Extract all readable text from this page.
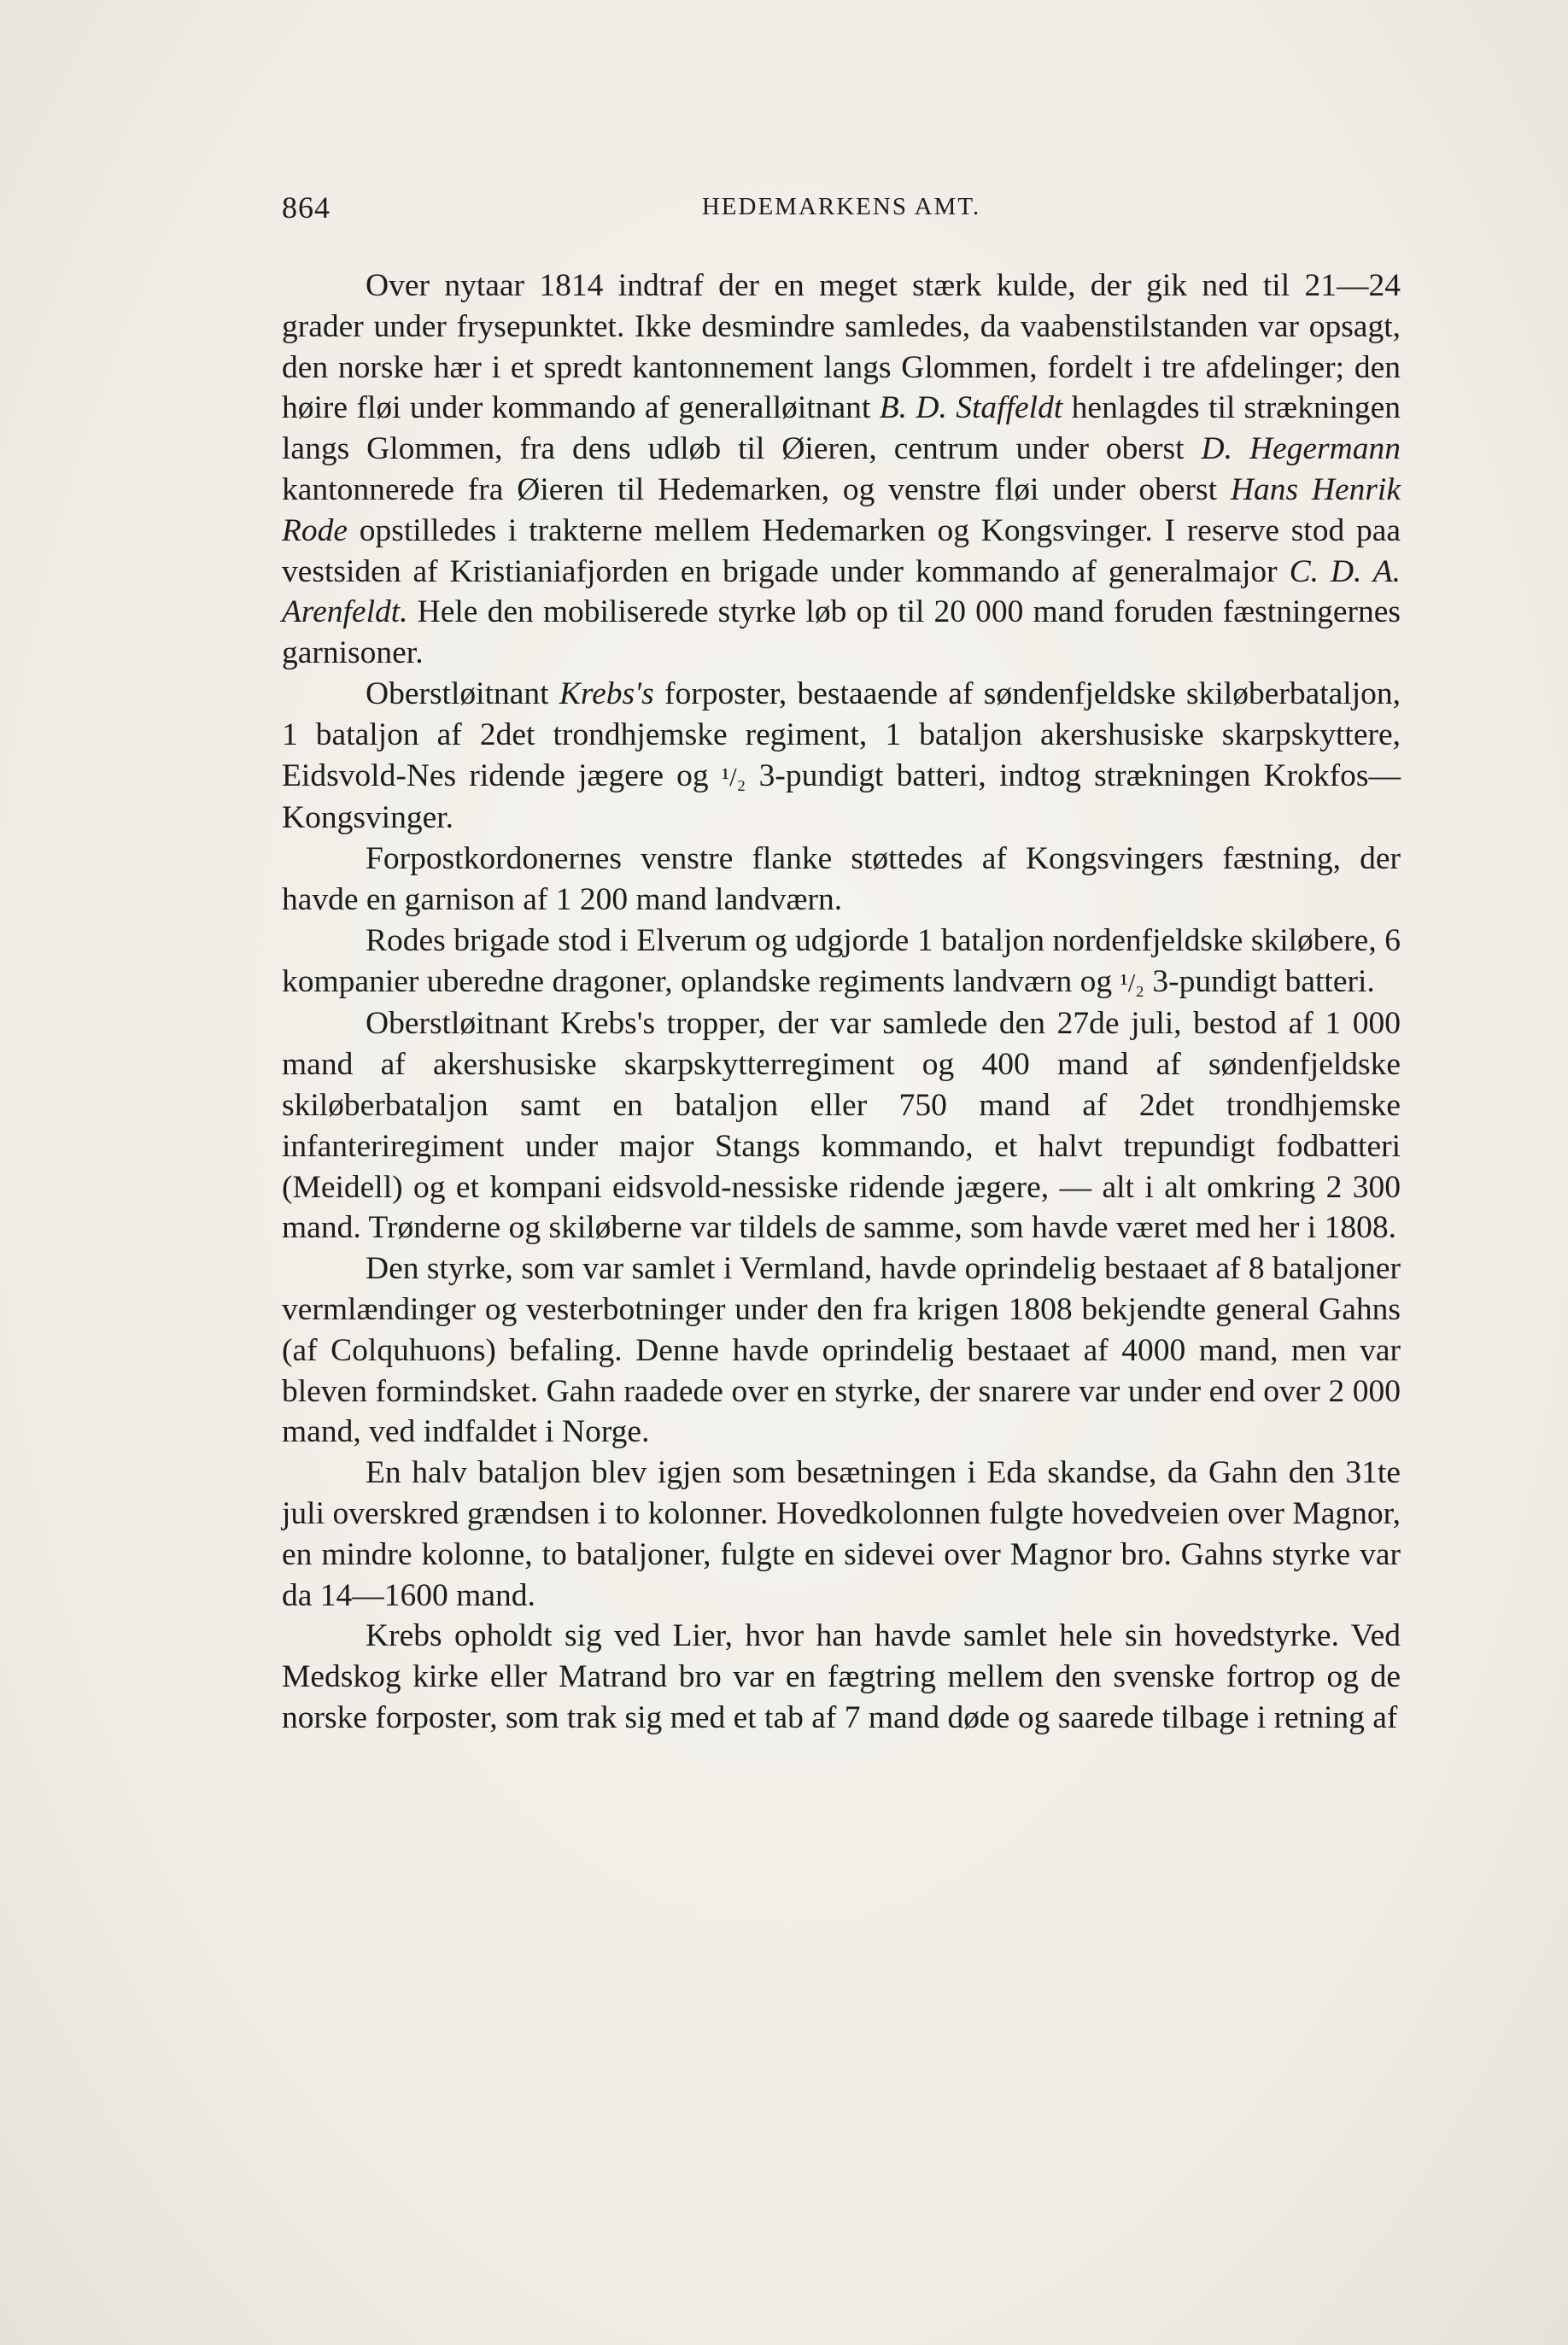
864	HEDEMARKENS AMT.

Over nytaar 1814 indtraf der en meget stærk kulde, der gik ned til 21—24 grader under frysepunktet. Ikke desmindre samledes, da vaabenstilstanden var opsagt, den norske hær i et spredt kantonnement langs Glommen, fordelt i tre afdelinger; den høire fløi under kommando af generalløitnant B. D. Staffeldt henlagdes til strækningen langs Glommen, fra dens udløb til Øieren, centrum under oberst D. Hegermann kantonnerede fra Øieren til Hedemarken, og venstre fløi under oberst Hans Henrik Rode opstilledes i trakterne mellem Hedemarken og Kongsvinger. I reserve stod paa vestsiden af Kristianiafjorden en brigade under kommando af generalmajor C. D. A. Arenfeldt. Hele den mobiliserede styrke løb op til 20 000 mand foruden fæstningernes garnisoner.

Oberstløitnant Krebs's forposter, bestaaende af søndenfjeldske skiløberbataljon, 1 bataljon af 2det trondhjemske regiment, 1 bataljon akershusiske skarpskyttere, Eidsvold-Nes ridende jægere og ¹/₂ 3-pundigt batteri, indtog strækningen Krokfos—Kongsvinger.

Forpostkordonernes venstre flanke støttedes af Kongsvingers fæstning, der havde en garnison af 1 200 mand landværn.

Rodes brigade stod i Elverum og udgjorde 1 bataljon nordenfjeldske skiløbere, 6 kompanier uberedne dragoner, oplandske regiments landværn og ¹/₂ 3-pundigt batteri.

Oberstløitnant Krebs's tropper, der var samlede den 27de juli, bestod af 1 000 mand af akershusiske skarpskytterregiment og 400 mand af søndenfjeldske skiløberbataljon samt en bataljon eller 750 mand af 2det trondhjemske infanteriregiment under major Stangs kommando, et halvt trepundigt fodbatteri (Meidell) og et kompani eidsvold-nessiske ridende jægere, — alt i alt omkring 2 300 mand. Trønderne og skiløberne var tildels de samme, som havde været med her i 1808.

Den styrke, som var samlet i Vermland, havde oprindelig bestaaet af 8 bataljoner vermlændinger og vesterbotninger under den fra krigen 1808 bekjendte general Gahns (af Colquhuons) befaling. Denne havde oprindelig bestaaet af 4000 mand, men var bleven formindsket. Gahn raadede over en styrke, der snarere var under end over 2 000 mand, ved indfaldet i Norge.

En halv bataljon blev igjen som besætningen i Eda skandse, da Gahn den 31te juli overskred grændsen i to kolonner. Hovedkolonnen fulgte hovedveien over Magnor, en mindre kolonne, to bataljoner, fulgte en sidevei over Magnor bro. Gahns styrke var da 14—1600 mand.

Krebs opholdt sig ved Lier, hvor han havde samlet hele sin hovedstyrke. Ved Medskog kirke eller Matrand bro var en fægtring mellem den svenske fortrop og de norske forposter, som trak sig med et tab af 7 mand døde og saarede tilbage i retning af
